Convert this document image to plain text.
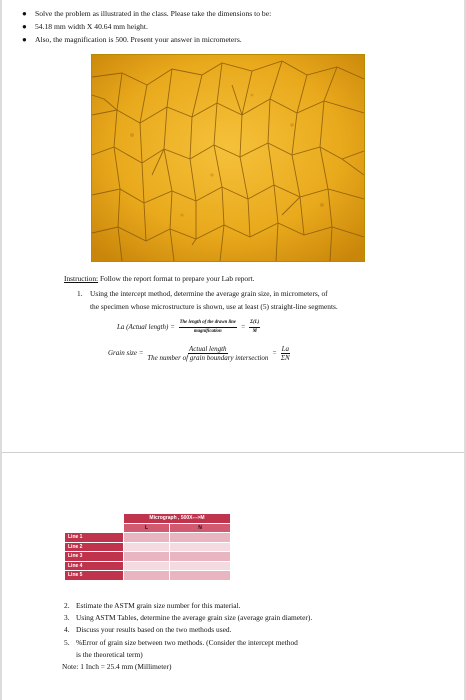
●	Solve the problem as illustrated in the class. Please take the dimensions to be:
●	54.18 mm width X 40.64 mm height.
●	Also, the magnification is 500. Present your answer in micrometers.
Instruction: Follow the report format to prepare your Lab report.
1.	Using the intercept method, determine the average grain size, in micrometers, of
the specimen whose microstructure is shown, use at least (5) straight-line segments.
La (Actual length) = $\frac{\text{The length of the drawn line}}{\text{magnification}} = \frac{\Sigma(L)}{M}$
Grain size = $\frac{\text{Actual length}}{\text{The number of grain boundary intersection}} = \frac{La}{\Sigma N}$
	Micrograph , 500X--->M	
	L	N
Line 1		
Line 2		
Line 3		
Line 4		
Line 5		
2. Estimate the ASTM grain size number for this material.
3. Using ASTM Tables, determine the average grain size (average grain diameter).
4. Discuss your results based on the two methods used.
5. %Error of grain size between two methods. (Consider the intercept method
is the theoretical term)
Note: 1 Inch = 25.4 mm (Millimeter)
